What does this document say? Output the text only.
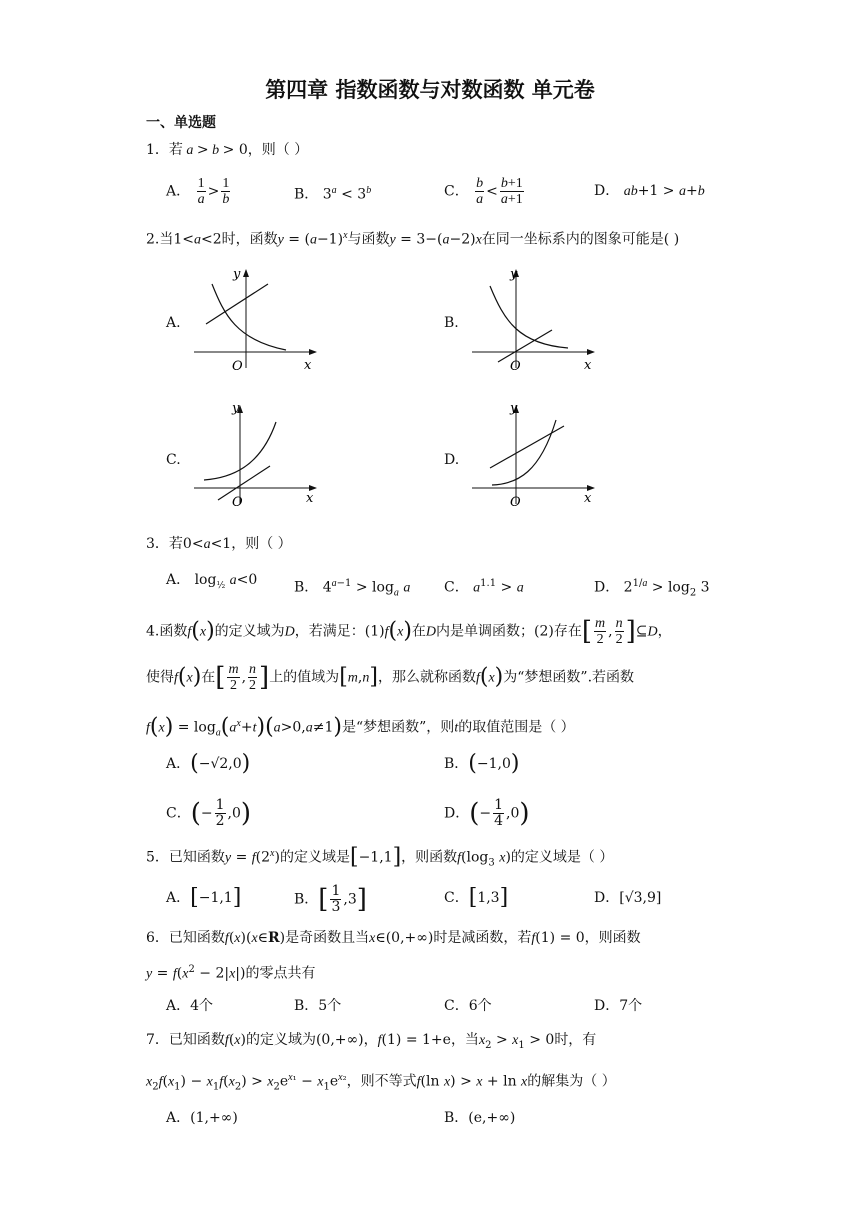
第四章 指数函数与对数函数 单元卷
一、单选题
1．若 a > b > 0，则（ ）
A． $\frac{1}{a} > \frac{1}{b}$	B． $3^a < 3^b$	C． $\frac{b}{a} < \frac{b+1}{a+1}$	D． ab+1 > a+b
2.当1<a<2时，函数$y = (a-1)^x$与函数y = 3−(a−2)x在同一坐标系内的图象可能是( )
A.
y
x
O
B.
y
x
O
C.
y
x
O
D.
y
x
O
3．若0<a<1，则（ ）
A． $\log_{\frac{1}{2}} a<0$	B． $4^{a-1} > \log_a a$ C． $a^{1.1} > a$	D． $2^{1/a} > \log_2 3$
4.函数f(x)的定义域为D，若满足：(1)f(x)在D内是单调函数；(2)存在[ $\frac{m}{2}$ , $\frac{n}{2}$ ]⊆D，
使得f(x)在[ $\frac{m}{2}$ , $\frac{n}{2}$ ]上的值域为[m,n]，那么就称函数f(x)为“梦想函数”.若函数
$f(x) = \log_a(a^x+t)(a>0,a\ne 1)$是“梦想函数”，则t的取值范围是（ ）
A．(−√2,0)	B．(−1,0)
C．(− $\frac{1}{2} ,0$)	D．(− $\frac{1}{4} ,0$)
5．已知函数$y = f(2^x)$的定义域是[−1,1]，则函数$f(\log_3$ x)的定义域是（ ）
A．[−1,1]	B．[ $\frac{1}{3} ,3$]	C．[1,3]	D．[√3,9]
6．已知函数f(x)(x∈R)是奇函数且当x∈(0,+∞)时是减函数，若f(1) = 0，则函数
$y = f(x^2 - 2|x|)$的零点共有
A．4个	B．5个	C．6个	D．7个
7．已知函数f(x)的定义域为(0,+∞)，f(1) = 1+e，当$x_2 > x_1 > 0$时，有
$x_2f(x_1) - x_1f(x_2) > x_2e^{x_1} - x_1e^{x_2}$，则不等式f(ln x) > x + ln x的解集为（ ）
A．(1,+∞)	B．(e,+∞)
